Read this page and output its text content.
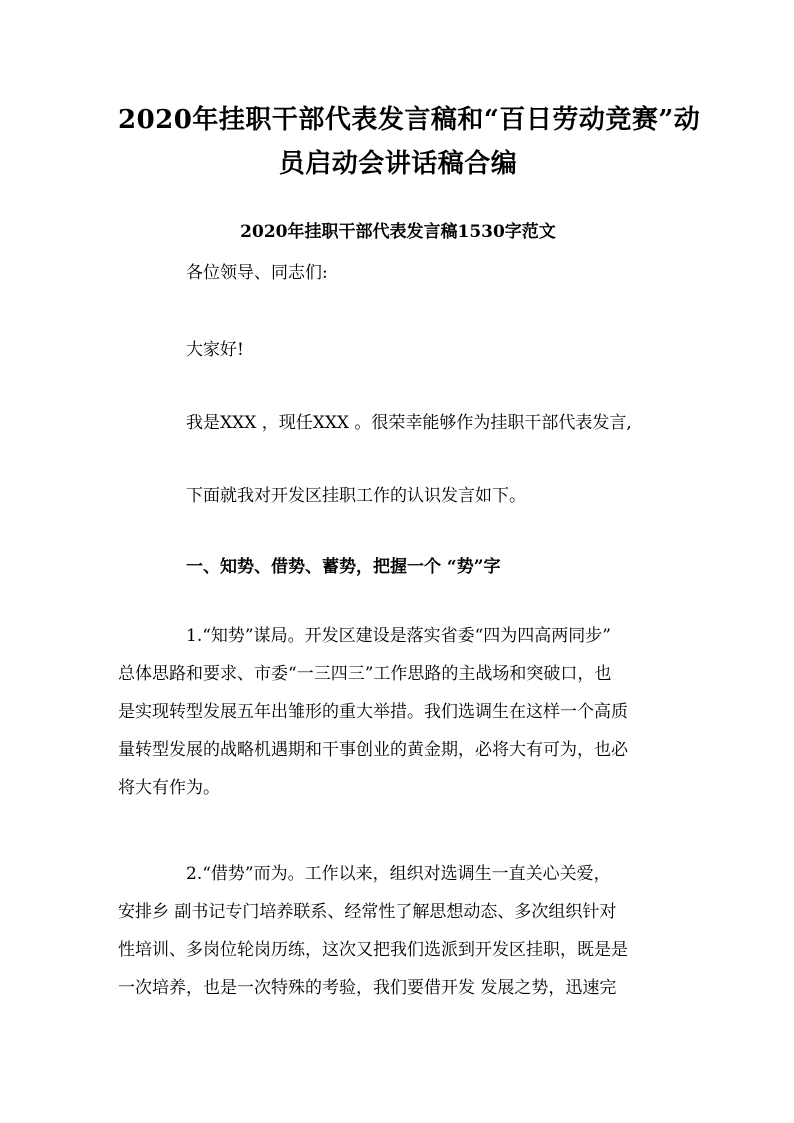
2020年挂职干部代表发言稿和“百日劳动竞赛”动
员启动会讲话稿合编
2020年挂职干部代表发言稿1530字范文
各位领导、同志们:
大家好!
我是XXX ，现任XXX 。很荣幸能够作为挂职干部代表发言,
下面就我对开发区挂职工作的认识发言如下。
一、知势、借势、蓄势，把握一个 “势”字
1.“知势”谋局。开发区建设是落实省委“四为四高两同步”
总体思路和要求、市委“一三四三”工作思路的主战场和突破口，也
是实现转型发展五年出雏形的重大举措。我们选调生在这样一个高质
量转型发展的战略机遇期和干事创业的黄金期，必将大有可为，也必
将大有作为。
2.“借势”而为。工作以来，组织对选调生一直关心关爱，
安排乡 副书记专门培养联系、经常性了解思想动态、多次组织针对
性培训、多岗位轮岗历练，这次又把我们选派到开发区挂职，既是是
一次培养，也是一次特殊的考验，我们要借开发 发展之势，迅速完
